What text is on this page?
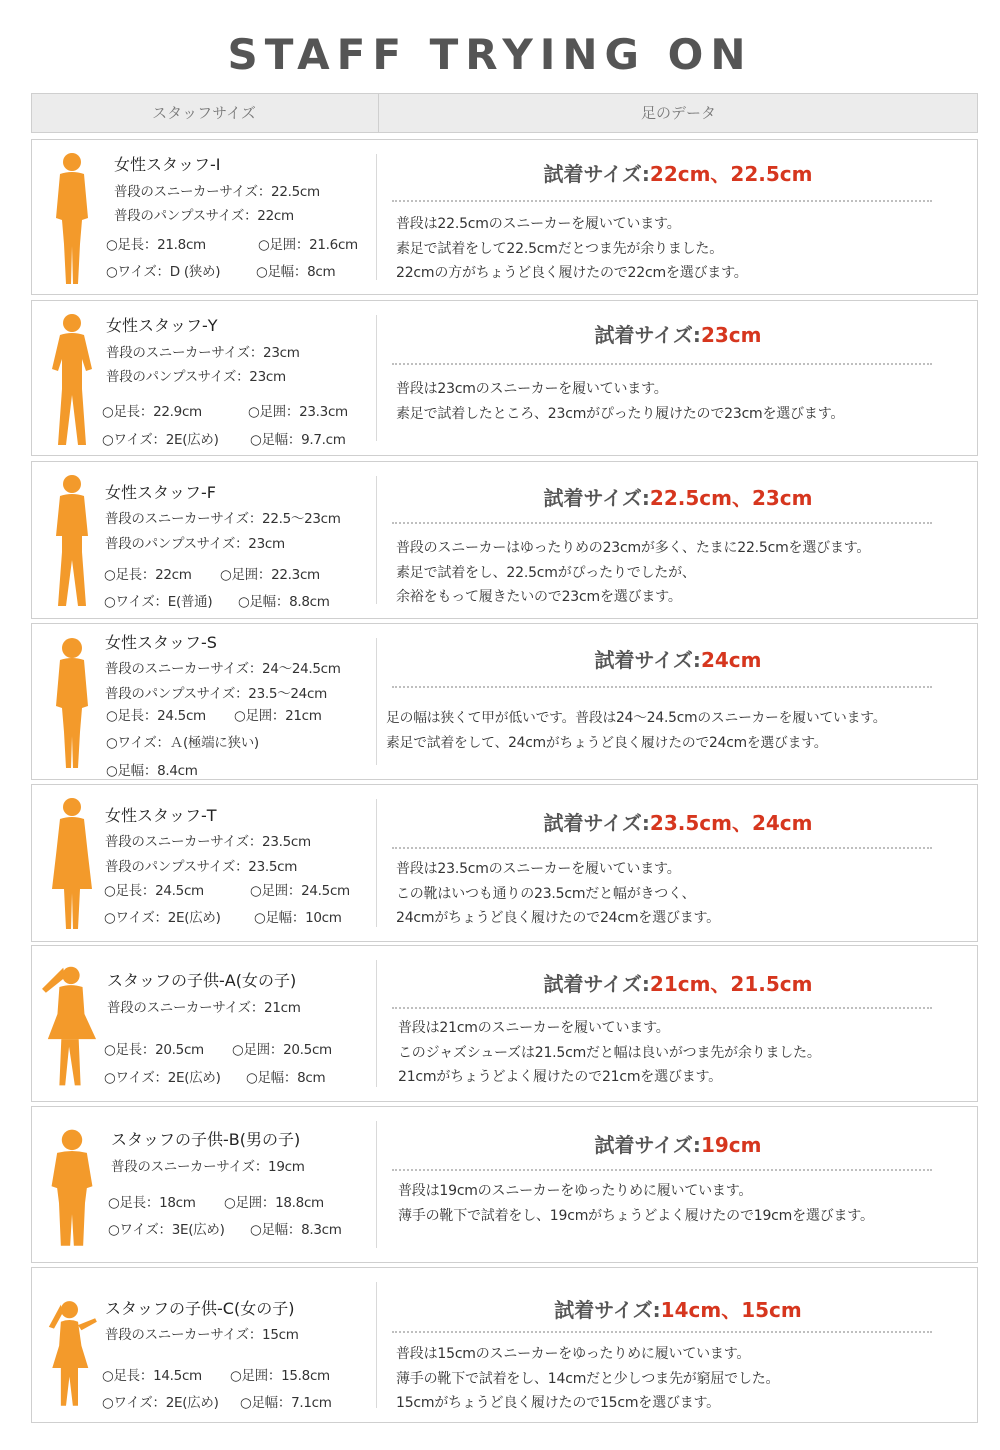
STAFF TRYING ON
スタッフサイズ	足のデータ
女性スタッフ-I
普段のスニーカーサイズ：22.5cm
普段のパンプスサイズ：22cm
○足長：21.8cm	○足囲：21.6cm
○ワイズ：D (狭め)	○足幅：8cm
試着サイズ:22cm、22.5cm
普段は22.5cmのスニーカーを履いています。
素足で試着をして22.5cmだとつま先が余りました。
22cmの方がちょうど良く履けたので22cmを選びます。
女性スタッフ-Y
普段のスニーカーサイズ：23cm
普段のパンプスサイズ：23cm
○足長：22.9cm	○足囲：23.3cm
○ワイズ：2E(広め) ○足幅：9.7.cm
試着サイズ:23cm
普段は23cmのスニーカーを履いています。
素足で試着したところ、23cmがぴったり履けたので23cmを選びます。
女性スタッフ-F
普段のスニーカーサイズ：22.5〜23cm
普段のパンプスサイズ：23cm
○足長：22cm ○足囲：22.3cm
○ワイズ：E(普通) ○足幅：8.8cm
試着サイズ:22.5cm、23cm
普段のスニーカーはゆったりめの23cmが多く、たまに22.5cmを選びます。
素足で試着をし、22.5cmがぴったりでしたが、
余裕をもって履きたいので23cmを選びます。
女性スタッフ-S
普段のスニーカーサイズ：24〜24.5cm
普段のパンプスサイズ：23.5〜24cm
○足長：24.5cm ○足囲：21cm
○ワイズ：Ａ(極端に狭い)
○足幅：8.4cm
試着サイズ:24cm
足の幅は狭くて甲が低いです。普段は24〜24.5cmのスニーカーを履いています。
素足で試着をして、24cmがちょうど良く履けたので24cmを選びます。
女性スタッフ-T
普段のスニーカーサイズ：23.5cm
普段のパンプスサイズ：23.5cm
○足長：24.5cm	○足囲：24.5cm
○ワイズ：2E(広め) ○足幅：10cm
試着サイズ:23.5cm、24cm
普段は23.5cmのスニーカーを履いています。
この靴はいつも通りの23.5cmだと幅がきつく、
24cmがちょうど良く履けたので24cmを選びます。
スタッフの子供-A(女の子)
普段のスニーカーサイズ：21cm
○足長：20.5cm ○足囲：20.5cm
○ワイズ：2E(広め) ○足幅：8cm
試着サイズ:21cm、21.5cm
普段は21cmのスニーカーを履いています。
このジャズシューズは21.5cmだと幅は良いがつま先が余りました。
21cmがちょうどよく履けたので21cmを選びます。
スタッフの子供-B(男の子)
普段のスニーカーサイズ：19cm
○足長：18cm ○足囲：18.8cm
○ワイズ：3E(広め) ○足幅：8.3cm
試着サイズ:19cm
普段は19cmのスニーカーをゆったりめに履いています。
薄手の靴下で試着をし、19cmがちょうどよく履けたので19cmを選びます。
スタッフの子供-C(女の子)
普段のスニーカーサイズ：15cm
○足長：14.5cm ○足囲：15.8cm
○ワイズ：2E(広め) ○足幅：7.1cm
試着サイズ:14cm、15cm
普段は15cmのスニーカーをゆったりめに履いています。
薄手の靴下で試着をし、14cmだと少しつま先が窮屈でした。
15cmがちょうど良く履けたので15cmを選びます。
